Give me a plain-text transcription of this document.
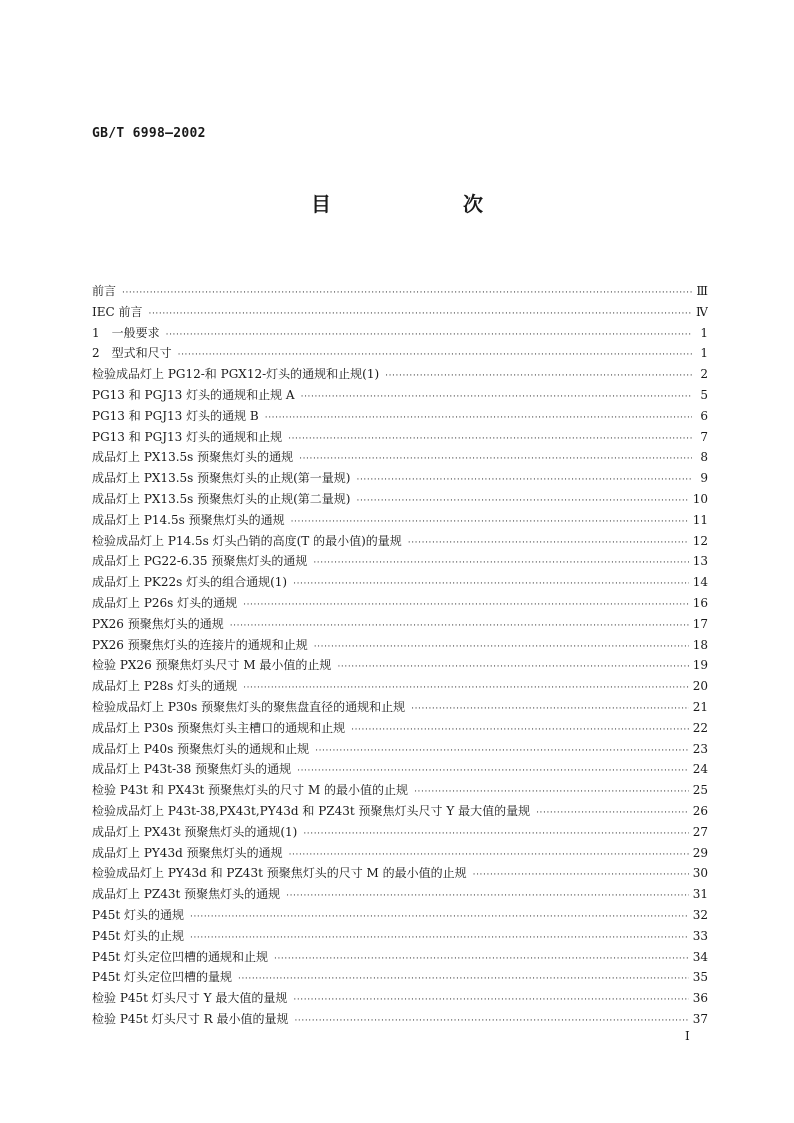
GB/T 6998—2002
目　次
前言 ·····	Ⅲ
IEC 前言 ·····	Ⅳ
1　一般要求 ·····	1
2　型式和尺寸 ·····	1
检验成品灯上 PG12-和 PGX12-灯头的通规和止规(1) ·····	2
PG13 和 PGJ13 灯头的通规和止规 A ·····	5
PG13 和 PGJ13 灯头的通规 B ·····	6
PG13 和 PGJ13 灯头的通规和止规 ·····	7
成品灯上 PX13.5s 预聚焦灯头的通规 ·····	8
成品灯上 PX13.5s 预聚焦灯头的止规(第一量规) ·····	9
成品灯上 PX13.5s 预聚焦灯头的止规(第二量规) ·····	10
成品灯上 P14.5s 预聚焦灯头的通规 ·····	11
检验成品灯上 P14.5s 灯头凸销的高度(T 的最小值)的量规 ·····	12
成品灯上 PG22-6.35 预聚焦灯头的通规 ·····	13
成品灯上 PK22s 灯头的组合通规(1) ·····	14
成品灯上 P26s 灯头的通规 ·····	16
PX26 预聚焦灯头的通规 ·····	17
PX26 预聚焦灯头的连接片的通规和止规 ·····	18
检验 PX26 预聚焦灯头尺寸 M 最小值的止规 ·····	19
成品灯上 P28s 灯头的通规 ·····	20
检验成品灯上 P30s 预聚焦灯头的聚焦盘直径的通规和止规 ·····	21
成品灯上 P30s 预聚焦灯头主槽口的通规和止规 ·····	22
成品灯上 P40s 预聚焦灯头的通规和止规 ·····	23
成品灯上 P43t-38 预聚焦灯头的通规 ·····	24
检验 P43t 和 PX43t 预聚焦灯头的尺寸 M 的最小值的止规 ·····	25
检验成品灯上 P43t-38,PX43t,PY43d 和 PZ43t 预聚焦灯头尺寸 Y 最大值的量规 ·····	26
成品灯上 PX43t 预聚焦灯头的通规(1) ·····	27
成品灯上 PY43d 预聚焦灯头的通规 ·····	29
检验成品灯上 PY43d 和 PZ43t 预聚焦灯头的尺寸 M 的最小值的止规 ·····	30
成品灯上 PZ43t 预聚焦灯头的通规 ·····	31
P45t 灯头的通规 ·····	32
P45t 灯头的止规 ·····	33
P45t 灯头定位凹槽的通规和止规 ·····	34
P45t 灯头定位凹槽的量规 ·····	35
检验 P45t 灯头尺寸 Y 最大值的量规 ·····	36
检验 P45t 灯头尺寸 R 最小值的量规 ·····	37
Ⅰ
